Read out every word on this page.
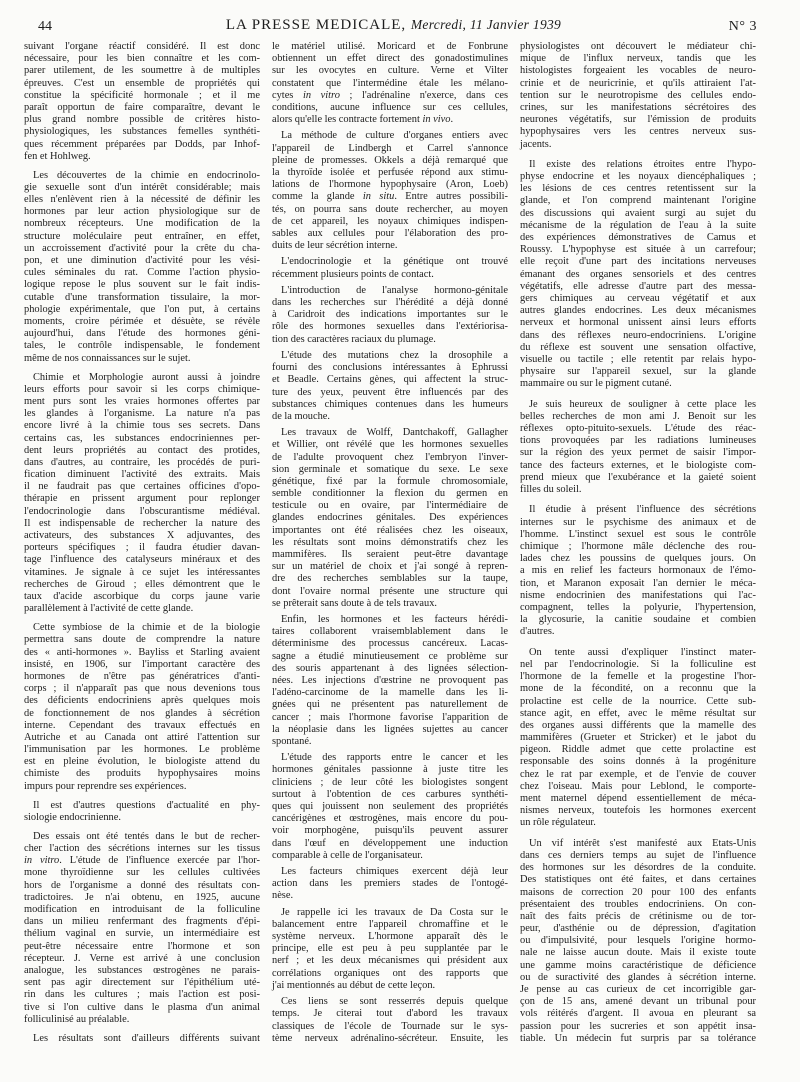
44	LA PRESSE MEDICALE, Mercredi, 11 Janvier 1939	N° 3
suivant l'organe réactif considéré. Il est donc
nécessaire, pour les bien connaître et les com-
parer utilement, de les soumettre à de multiples
épreuves. C'est un ensemble de propriétés qui
constitue la spécificité hormonale ; et il me
paraît opportun de faire comparaître, devant le
plus grand nombre possible de critères histo-
physiologiques, les substances femelles synthéti-
ques récemment préparées par Dodds, par Inhof-
fen et Hohlweg.
Les découvertes de la chimie en endocrinolo-
gie sexuelle sont d'un intérêt considérable; mais
elles n'enlèvent rien à la nécessité de définir les
hormones par leur action physiologique sur de
nombreux récepteurs. Une modification de la
structure moléculaire peut entraîner, en effet,
un accroissement d'activité pour la crête du cha-
pon, et une diminution d'activité pour les vési-
cules séminales du rat. Comme l'action physio-
logique repose le plus souvent sur le fait indis-
cutable d'une transformation tissulaire, la mor-
phologie expérimentale, que l'on put, à certains
moments, croire périmée et désuète, se révèle
aujourd'hui, dans l'étude des hormones géni-
tales, le contrôle indispensable, le fondement
même de nos connaissances sur le sujet.
Chimie et Morphologie auront aussi à joindre
leurs efforts pour savoir si les corps chimique-
ment purs sont les vraies hormones offertes par
les glandes à l'organisme. La nature n'a pas
encore livré à la chimie tous ses secrets. Dans
certains cas, les substances endocriniennes per-
dent leurs propriétés au contact des protides,
dans d'autres, au contraire, les procédés de puri-
fication diminuent l'activité des extraits. Mais
il ne faudrait pas que certaines officines d'opo-
thérapie en prissent argument pour replonger
l'endocrinologie dans l'obscurantisme médiéval.
Il est indispensable de rechercher la nature des
activateurs, des substances X adjuvantes, des
porteurs spécifiques ; il faudra étudier davan-
tage l'influence des catalyseurs minéraux et des
vitamines. Je signale à ce sujet les intéressantes
recherches de Giroud ; elles démontrent que le
taux d'acide ascorbique du corps jaune varie
parallèlement à l'activité de cette glande.
Cette symbiose de la chimie et de la biologie
permettra sans doute de comprendre la nature
des « anti-hormones ». Bayliss et Starling avaient
insisté, en 1906, sur l'important caractère des
hormones de n'être pas génératrices d'anti-
corps ; il n'apparaît pas que nous devenions tous
des déficients endocriniens après quelques mois
de fonctionnement de nos glandes à sécrétion
interne. Cependant des travaux effectués en
Autriche et au Canada ont attiré l'attention sur
l'immunisation par les hormones. Le problème
est en pleine évolution, le biologiste attend du
chimiste des produits hypophysaires moins
impurs pour reprendre ses expériences.
Il est d'autres questions d'actualité en phy-
siologie endocrinienne.
Des essais ont été tentés dans le but de recher-
cher l'action des sécrétions internes sur les tissus
in vitro. L'étude de l'influence exercée par l'hor-
mone thyroïdienne sur les cellules cultivées
hors de l'organisme a donné des résultats con-
tradictoires. Je n'ai obtenu, en 1925, aucune
modification en introduisant de la folliculine
dans un milieu renfermant des fragments d'épi-
thélium vaginal en survie, un intermédiaire est
peut-être nécessaire entre l'hormone et son
récepteur. J. Verne est arrivé à une conclusion
analogue, les substances œstrogènes ne parais-
sent pas agir directement sur l'épithélium uté-
rin dans les cultures ; mais l'action est posi-
tive si l'on cultive dans le plasma d'un animal
folliculinisé au préalable.
Les résultats sont d'ailleurs différents suivant
le matériel utilisé. Moricard et de Fonbrune
obtiennent un effet direct des gonadostimulines
sur les ovocytes en culture. Verne et Vilter
constatent que l'intermédine étale les mélano-
cytes in vitro ; l'adrénaline n'exerce, dans ces
conditions, aucune influence sur ces cellules,
alors qu'elle les contracte fortement in vivo.
La méthode de culture d'organes entiers avec
l'appareil de Lindbergh et Carrel s'annonce
pleine de promesses. Okkels a déjà remarqué que
la thyroïde isolée et perfusée répond aux stimu-
lations de l'hormone hypophysaire (Aron, Loeb)
comme la glande in situ. Entre autres possibili-
tés, on pourra sans doute rechercher, au moyen
de cet appareil, les noyaux chimiques indispen-
sables aux cellules pour l'élaboration des pro-
duits de leur sécrétion interne.
L'endocrinologie et la génétique ont trouvé
récemment plusieurs points de contact.
L'introduction de l'analyse hormono-génitale
dans les recherches sur l'hérédité a déjà donné
à Caridroit des indications importantes sur le
rôle des hormones sexuelles dans l'extériorisa-
tion des caractères raciaux du plumage.
L'étude des mutations chez la drosophile a
fourni des conclusions intéressantes à Ephrussi
et Beadle. Certains gènes, qui affectent la struc-
ture des yeux, peuvent être influencés par des
substances chimiques contenues dans les humeurs
de la mouche.
Les travaux de Wolff, Dantchakoff, Gallagher
et Willier, ont révélé que les hormones sexuelles
de l'adulte provoquent chez l'embryon l'inver-
sion germinale et somatique du sexe. Le sexe
génétique, fixé par la formule chromosomiale,
semble conditionner la flexion du germen en
testicule ou en ovaire, par l'intermédiaire de
glandes endocrines génitales. Des expériences
importantes ont été réalisées chez les oiseaux,
les résultats sont moins démonstratifs chez les
mammifères. Ils seraient peut-être davantage
sur un matériel de choix et j'ai songé à repren-
dre des recherches semblables sur la taupe,
dont l'ovaire normal présente une structure qui
se prêterait sans doute à de tels travaux.
Enfin, les hormones et les facteurs hérédi-
taires collaborent vraisemblablement dans le
déterminisme des processus cancéreux. Lacas-
sagne a étudié minutieusement ce problème sur
des souris appartenant à des lignées sélection-
nées. Les injections d'œstrine ne provoquent pas
l'adéno-carcinome de la mamelle dans les li-
gnées qui ne présentent pas naturellement de
cancer ; mais l'hormone favorise l'apparition de
la néoplasie dans les lignées sujettes au cancer
spontané.
L'étude des rapports entre le cancer et les
hormones génitales passionne à juste titre les
cliniciens ; de leur côté les biologistes songent
surtout à l'obtention de ces carbures synthéti-
ques qui jouissent non seulement des propriétés
cancérigènes et œstrogènes, mais encore du pou-
voir morphogène, puisqu'ils peuvent assurer
dans l'œuf en développement une induction
comparable à celle de l'organisateur.
Les facteurs chimiques exercent déjà leur
action dans les premiers stades de l'ontogé-
nèse.
Je rappelle ici les travaux de Da Costa sur le
balancement entre l'appareil chromaffine et le
système nerveux. L'hormone apparaît dès le
principe, elle est peu à peu supplantée par le
nerf ; et les deux mécanismes qui président aux
corrélations organiques ont des rapports que
j'ai mentionnés au début de cette leçon.
Ces liens se sont resserrés depuis quelque
temps. Je citerai tout d'abord les travaux
classiques de l'école de Tournade sur le sys-
tème nerveux adrénalino-sécréteur. Ensuite, les
physiologistes ont découvert le médiateur chi-
mique de l'influx nerveux, tandis que les
histologistes forgeaient les vocables de neuro-
crinie et de neuricrinie, et qu'ils attiraient l'at-
tention sur le neurotropisme des cellules endo-
crines, sur les manifestations sécrétoires des
neurones végétatifs, sur l'émission de produits
hypophysaires vers les centres nerveux sus-
jacents.
Il existe des relations étroites entre l'hypo-
physe endocrine et les noyaux diencéphaliques ;
les lésions de ces centres retentissent sur la
glande, et l'on comprend maintenant l'origine
des discussions qui avaient surgi au sujet du
mécanisme de la régulation de l'eau à la suite
des expériences démonstratives de Camus et
Roussy. L'hypophyse est située à un carrefour;
elle reçoit d'une part des incitations nerveuses
émanant des organes sensoriels et des centres
végétatifs, elle adresse d'autre part des messa-
gers chimiques au cerveau végétatif et aux
autres glandes endocrines. Les deux mécanismes
nerveux et hormonal unissent ainsi leurs efforts
dans des réflexes neuro-endocriniens. L'origine
du réflexe est souvent une sensation olfactive,
visuelle ou tactile ; elle retentit par relais hypo-
physaire sur l'appareil sexuel, sur la glande
mammaire ou sur le pigment cutané.
Je suis heureux de souligner à cette place les
belles recherches de mon ami J. Benoit sur les
réflexes opto-pituito-sexuels. L'étude des réac-
tions provoquées par les radiations lumineuses
sur la région des yeux permet de saisir l'impor-
tance des facteurs externes, et le biologiste com-
prend mieux que l'exubérance et la gaieté soient
filles du soleil.
Il étudie à présent l'influence des sécrétions
internes sur le psychisme des animaux et de
l'homme. L'instinct sexuel est sous le contrôle
chimique ; l'hormone mâle déclenche des rou-
lades chez les poussins de quelques jours. On
a mis en relief les facteurs hormonaux de l'émo-
tion, et Maranon exposait l'an dernier le méca-
nisme endocrinien des manifestations qui l'ac-
compagnent, telles la polyurie, l'hypertension,
la glycosurie, la canitie soudaine et combien
d'autres.
On tente aussi d'expliquer l'instinct mater-
nel par l'endocrinologie. Si la folliculine est
l'hormone de la femelle et la progestine l'hor-
mone de la fécondité, on a reconnu que la
prolactine est celle de la nourrice. Cette sub-
stance agit, en effet, avec le même résultat sur
des organes aussi différents que la mamelle des
mammifères (Grueter et Stricker) et le jabot du
pigeon. Riddle admet que cette prolactine est
responsable des soins donnés à la progéniture
chez le rat par exemple, et de l'envie de couver
chez l'oiseau. Mais pour Leblond, le comporte-
ment maternel dépend essentiellement de méca-
nismes nerveux, toutefois les hormones exercent
un rôle régulateur.
Un vif intérêt s'est manifesté aux Etats-Unis
dans ces derniers temps au sujet de l'influence
des hormones sur les désordres de la conduite.
Des statistiques ont été faites, et dans certaines
maisons de correction 20 pour 100 des enfants
présentaient des troubles endocriniens. On con-
naît des faits précis de crétinisme ou de tor-
peur, d'asthénie ou de dépression, d'agitation
ou d'impulsivité, pour lesquels l'origine hormo-
nale ne laisse aucun doute. Mais il existe toute
une gamme moins caractéristique de déficience
ou de suractivité des glandes à sécrétion interne.
Je pense au cas curieux de cet incorrigible gar-
çon de 15 ans, amené devant un tribunal pour
vols réitérés d'argent. Il avoua en pleurant sa
passion pour les sucreries et son appétit insa-
tiable. Un médecin fut surpris par sa tolérance
